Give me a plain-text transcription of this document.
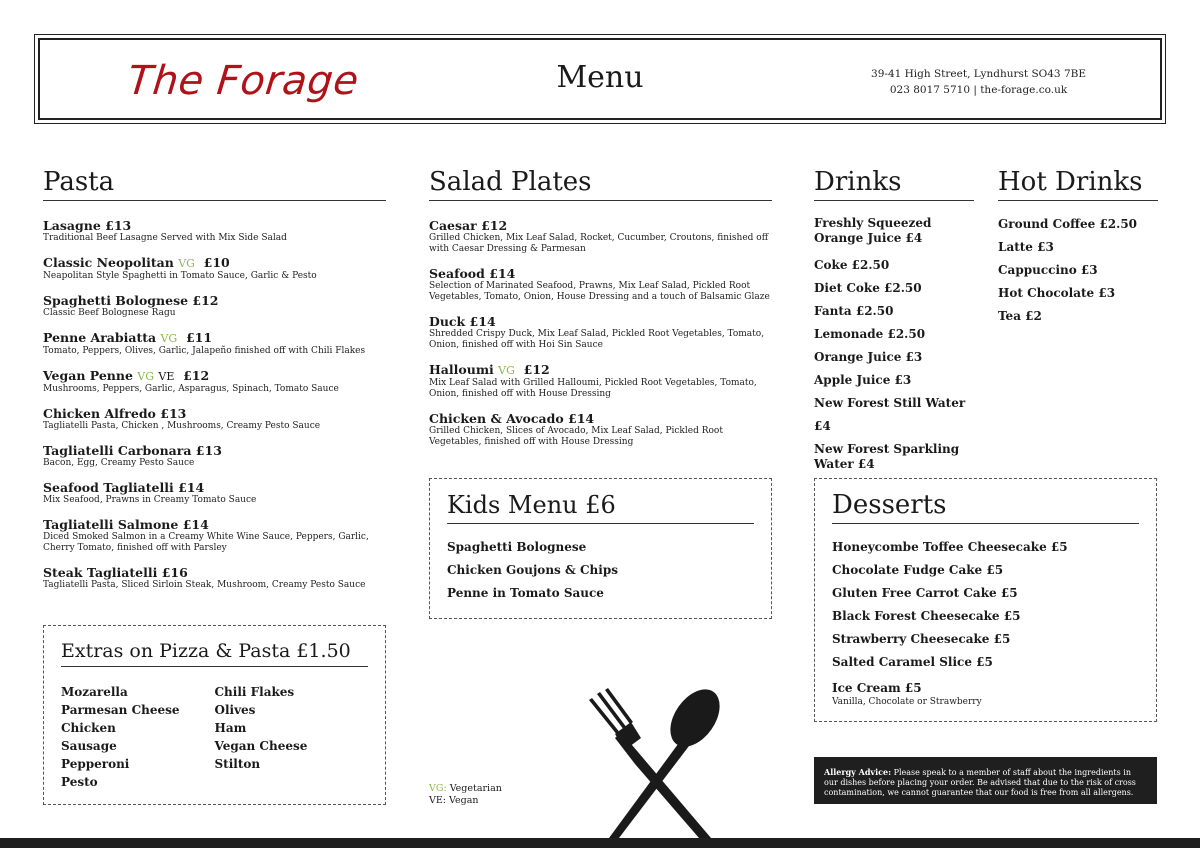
The Forage	Menu	39-41 High Street, Lyndhurst SO43 7BE
023 8017 5710 | the-forage.co.uk
Pasta
Lasagne £13
Traditional Beef Lasagne Served with Mix Side Salad
Classic Neopolitan VG £10
Neapolitan Style Spaghetti in Tomato Sauce, Garlic & Pesto
Spaghetti Bolognese £12
Classic Beef Bolognese Ragu
Penne Arabiatta VG £11
Tomato, Peppers, Olives, Garlic, Jalapeño finished off with Chili Flakes
Vegan Penne VG VE £12
Mushrooms, Peppers, Garlic, Asparagus, Spinach, Tomato Sauce
Chicken Alfredo £13
Tagliatelli Pasta, Chicken , Mushrooms, Creamy Pesto Sauce
Tagliatelli Carbonara £13
Bacon, Egg, Creamy Pesto Sauce
Seafood Tagliatelli £14
Mix Seafood, Prawns in Creamy Tomato Sauce
Tagliatelli Salmone £14
Diced Smoked Salmon in a Creamy White Wine Sauce, Peppers, Garlic, Cherry Tomato, finished off with Parsley
Steak Tagliatelli £16
Tagliatelli Pasta, Sliced Sirloin Steak, Mushroom, Creamy Pesto Sauce
Extras on Pizza & Pasta £1.50
Mozarella
Parmesan Cheese
Chicken
Sausage
Pepperoni
Pesto
Chili Flakes
Olives
Ham
Vegan Cheese
Stilton
Salad Plates
Caesar £12
Grilled Chicken, Mix Leaf Salad, Rocket, Cucumber, Croutons, finished off with Caesar Dressing & Parmesan
Seafood £14
Selection of Marinated Seafood, Prawns, Mix Leaf Salad, Pickled Root Vegetables, Tomato, Onion, House Dressing and a touch of Balsamic Glaze
Duck £14
Shredded Crispy Duck, Mix Leaf Salad, Pickled Root Vegetables, Tomato, Onion, finished off with Hoi Sin Sauce
Halloumi VG £12
Mix Leaf Salad with Grilled Halloumi, Pickled Root Vegetables, Tomato, Onion, finished off with House Dressing
Chicken & Avocado £14
Grilled Chicken, Slices of Avocado, Mix Leaf Salad, Pickled Root Vegetables, finished off with House Dressing
Kids Menu £6
Spaghetti Bolognese
Chicken Goujons & Chips
Penne in Tomato Sauce
Drinks
Freshly Squeezed Orange Juice £4
Coke £2.50
Diet Coke £2.50
Fanta £2.50
Lemonade £2.50
Orange Juice £3
Apple Juice £3
New Forest Still Water £4
New Forest Sparkling Water £4
Hot Drinks
Ground Coffee £2.50
Latte £3
Cappuccino £3
Hot Chocolate £3
Tea £2
Desserts
Honeycombe Toffee Cheesecake £5
Chocolate Fudge Cake £5
Gluten Free Carrot Cake £5
Black Forest Cheesecake £5
Strawberry Cheesecake £5
Salted Caramel Slice £5
Ice Cream £5
Vanilla, Chocolate or Strawberry
Allergy Advice: Please speak to a member of staff about the ingredients in our dishes before placing your order. Be advised that due to the risk of cross contamination, we cannot guarantee that our food is free from all allergens.
VG: Vegetarian
VE: Vegan
